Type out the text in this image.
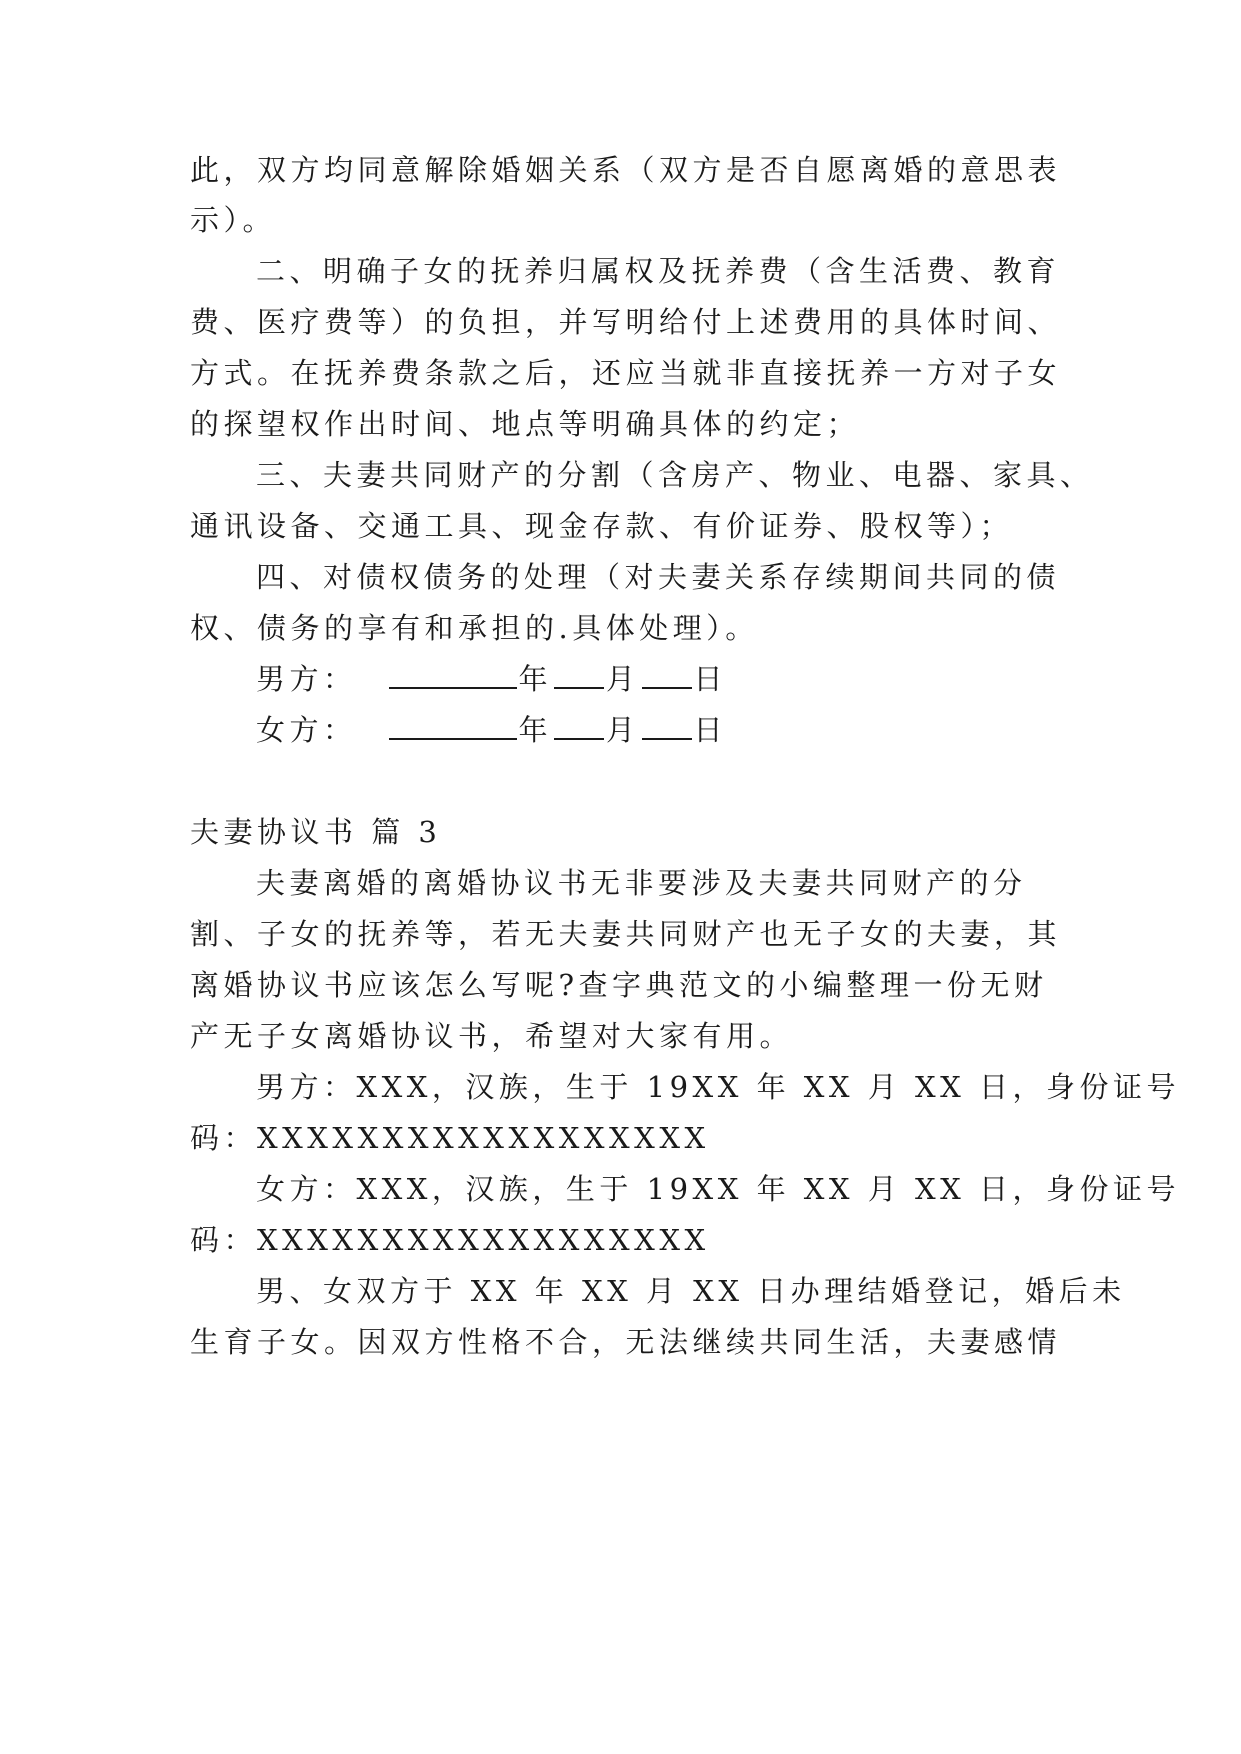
此，双方均同意解除婚姻关系（双方是否自愿离婚的意思表
示）。
二、明确子女的抚养归属权及抚养费（含生活费、教育
费、医疗费等）的负担，并写明给付上述费用的具体时间、
方式。在抚养费条款之后，还应当就非直接抚养一方对子女
的探望权作出时间、地点等明确具体的约定；
三、夫妻共同财产的分割（含房产、物业、电器、家具、
通讯设备、交通工具、现金存款、有价证券、股权等）；
四、对债权债务的处理（对夫妻关系存续期间共同的债
权、债务的享有和承担的.具体处理）。
男方：	年 月 日
女方：	年 月 日
夫妻协议书 篇 3
夫妻离婚的离婚协议书无非要涉及夫妻共同财产的分
割、子女的抚养等，若无夫妻共同财产也无子女的夫妻，其
离婚协议书应该怎么写呢?查字典范文的小编整理一份无财
产无子女离婚协议书，希望对大家有用。
男方：XXX，汉族，生于 19XX 年 XX 月 XX 日，身份证号
码：XXXXXXXXXXXXXXXXXX
女方：XXX，汉族，生于 19XX 年 XX 月 XX 日，身份证号
码：XXXXXXXXXXXXXXXXXX
男、女双方于 XX 年 XX 月 XX 日办理结婚登记，婚后未
生育子女。因双方性格不合，无法继续共同生活，夫妻感情
